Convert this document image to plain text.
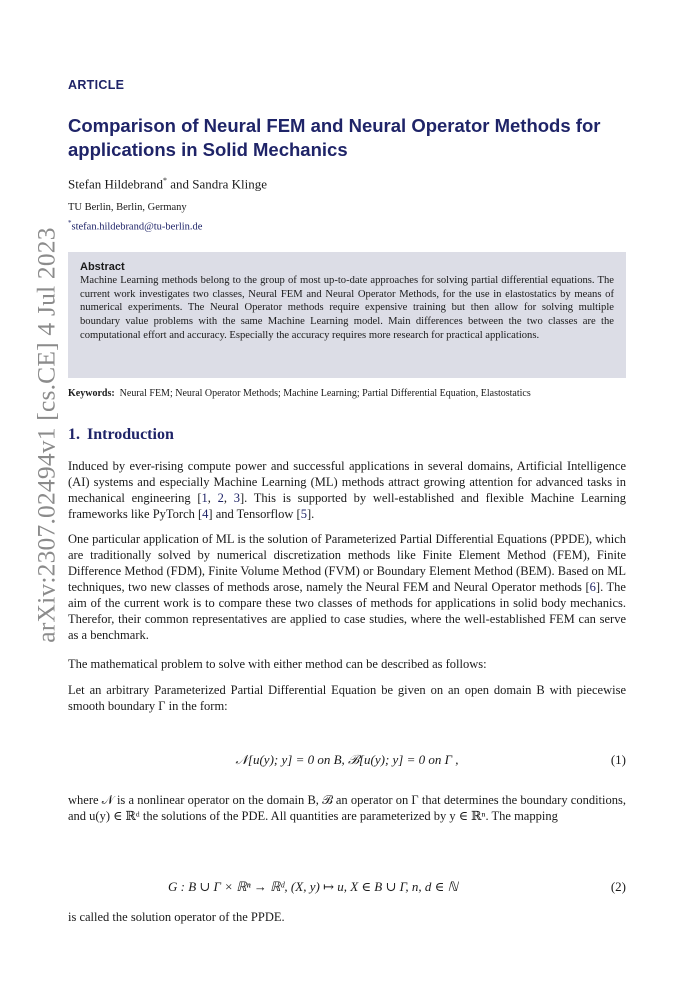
arXiv:2307.02494v1 [cs.CE] 4 Jul 2023
ARTICLE
Comparison of Neural FEM and Neural Operator Methods for applications in Solid Mechanics
Stefan Hildebrand* and Sandra Klinge
TU Berlin, Berlin, Germany
*stefan.hildebrand@tu-berlin.de
Abstract

Machine Learning methods belong to the group of most up-to-date approaches for solving partial differential equations. The current work investigates two classes, Neural FEM and Neural Operator Methods, for the use in elastostatics by means of numerical experiments. The Neural Operator methods require expensive training but then allow for solving multiple boundary value problems with the same Machine Learning model. Main differences between the two classes are the computational effort and accuracy. Especially the accuracy requires more research for practical applications.

Keywords: Neural FEM; Neural Operator Methods; Machine Learning; Partial Differential Equation, Elastostatics
1. Introduction

Induced by ever-rising compute power and successful applications in several domains, Artificial Intelligence (AI) systems and especially Machine Learning (ML) methods attract growing attention for advanced tasks in mechanical engineering [1, 2, 3]. This is supported by well-established and flexible Machine Learning frameworks like PyTorch [4] and Tensorflow [5].

One particular application of ML is the solution of Parameterized Partial Differential Equations (PPDE), which are traditionally solved by numerical discretization methods like Finite Element Method (FEM), Finite Difference Method (FDM), Finite Volume Method (FVM) or Boundary Element Method (BEM). Based on ML techniques, two new classes of methods arose, namely the Neural FEM and Neural Operator methods [6]. The aim of the current work is to compare these two classes of methods for applications in solid body mechanics. Therefor, their common representatives are applied to case studies, where the well-established FEM can serve as a benchmark.

The mathematical problem to solve with either method can be described as follows:

Let an arbitrary Parameterized Partial Differential Equation be given on an open domain B with piecewise smooth boundary Γ in the form:

𝒩[u(y); y] = 0 on B, ℬ[u(y); y] = 0 on Γ ,	(1)

where 𝒩 is a nonlinear operator on the domain B, ℬ an operator on Γ that determines the boundary conditions, and u(y) ∈ ℝᵈ the solutions of the PDE. All quantities are parameterized by y ∈ ℝⁿ. The mapping

G : B ∪ Γ × ℝⁿ → ℝᵈ, (X, y) ↦ u, X ∈ B ∪ Γ, n, d ∈ ℕ	(2)

is called the solution operator of the PPDE.
